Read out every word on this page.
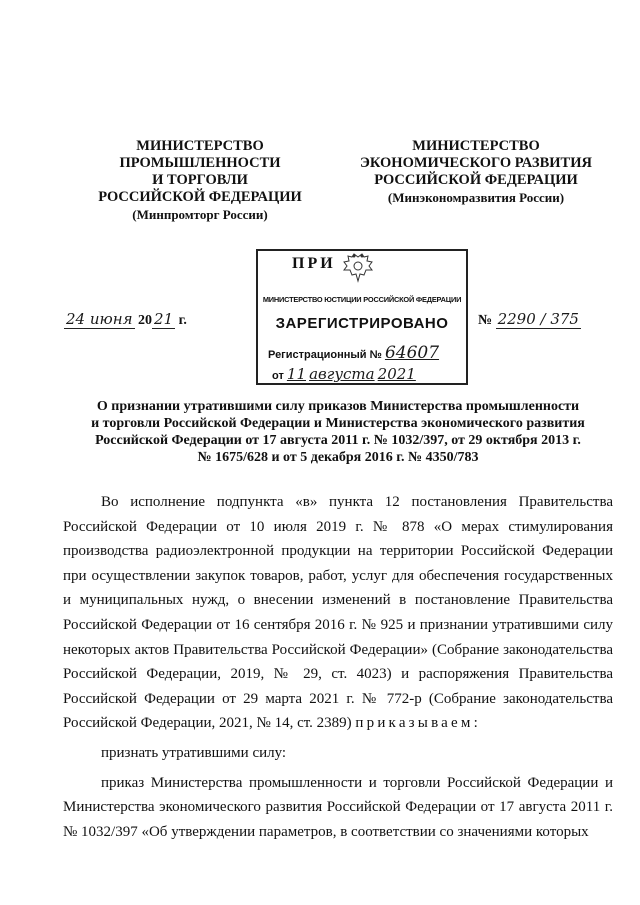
МИНИСТЕРСТВО
ПРОМЫШЛЕННОСТИ
И ТОРГОВЛИ
РОССИЙСКОЙ ФЕДЕРАЦИИ
(Минпромторг России)
МИНИСТЕРСТВО
ЭКОНОМИЧЕСКОГО РАЗВИТИЯ
РОССИЙСКОЙ ФЕДЕРАЦИИ
(Минэкономразвития России)
МИНИСТЕРСТВО ЮСТИЦИИ РОССИЙСКОЙ ФЕДЕРАЦИИ
ЗАРЕГИСТРИРОВАНО
Регистрационный № 64607
от 11 августа 2021
ПРИ
24 июня 20 21 г.	№ 2290 / 375
О признании утратившими силу приказов Министерства промышленности
и торговли Российской Федерации и Министерства экономического развития
Российской Федерации от 17 августа 2011 г. № 1032/397, от 29 октября 2013 г.
№ 1675/628 и от 5 декабря 2016 г. № 4350/783

Во исполнение подпункта «в» пункта 12 постановления Правительства Российской Федерации от 10 июля 2019 г. № 878 «О мерах стимулирования производства радиоэлектронной продукции на территории Российской Федерации при осуществлении закупок товаров, работ, услуг для обеспечения государственных и муниципальных нужд, о внесении изменений в постановление Правительства Российской Федерации от 16 сентября 2016 г. № 925 и признании утратившими силу некоторых актов Правительства Российской Федерации» (Собрание законодательства Российской Федерации, 2019, № 29, ст. 4023) и распоряжения Правительства Российской Федерации от 29 марта 2021 г. № 772-р (Собрание законодательства Российской Федерации, 2021, № 14, ст. 2389) приказываем:

признать утратившими силу:

приказ Министерства промышленности и торговли Российской Федерации и Министерства экономического развития Российской Федерации от 17 августа 2011 г. № 1032/397 «Об утверждении параметров, в соответствии со значениями которых
